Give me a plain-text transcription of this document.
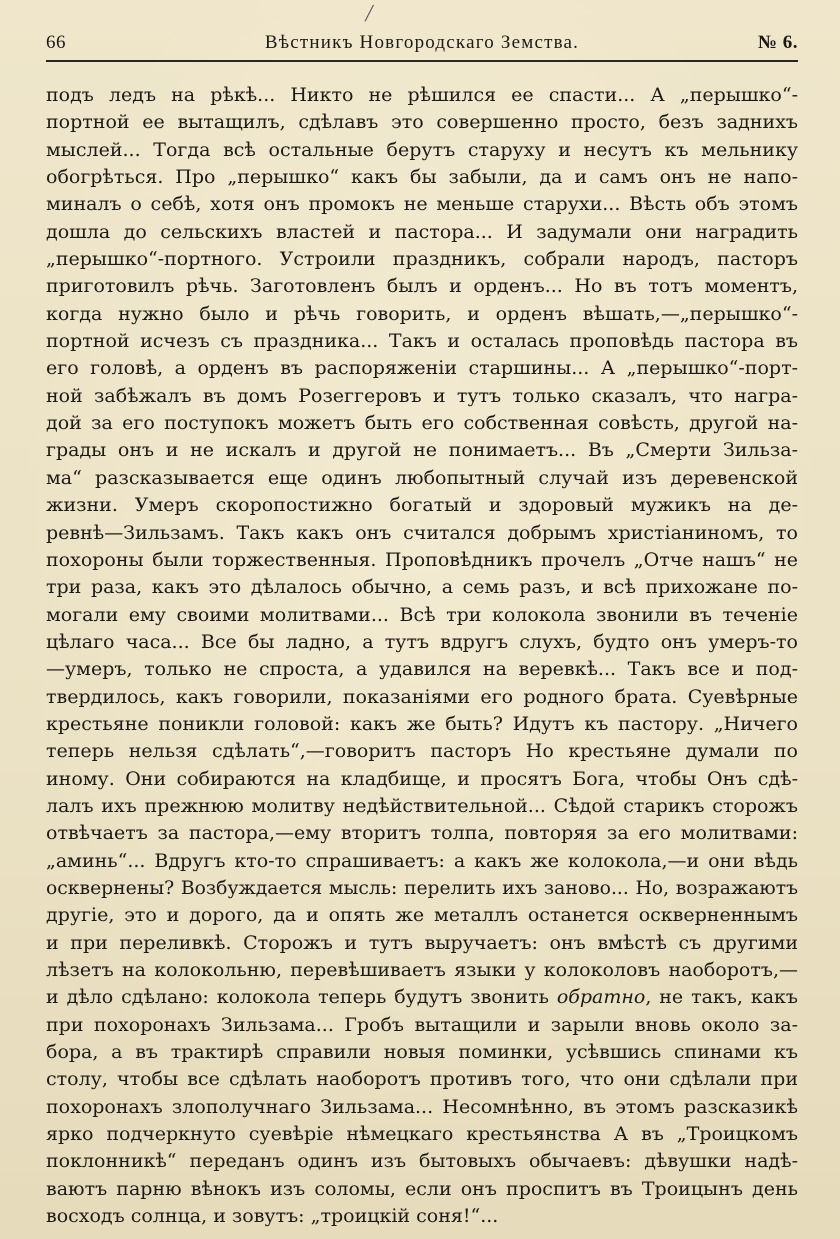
╱
66	Вѣстникъ Новгородскаго Земства.	№ 6.
подъ ледъ на рѣкѣ... Никто не рѣшился ее спасти... А „перышко“-
портной ее вытащилъ, сдѣлавъ это совершенно просто, безъ заднихъ
мыслей... Тогда всѣ остальные берутъ старуху и несутъ къ мельнику
обогрѣться. Про „перышко“ какъ бы забыли, да и самъ онъ не напо-
миналъ о себѣ, хотя онъ промокъ не меньше старухи... Вѣсть объ этомъ
дошла до сельскихъ властей и пастора... И задумали они наградить
„перышко“-портного. Устроили праздникъ, собрали народъ, пасторъ
приготовилъ рѣчь. Заготовленъ былъ и орденъ... Но въ тотъ моментъ,
когда нужно было и рѣчь говорить, и орденъ вѣшать,—„перышко“-
портной исчезъ съ праздника... Такъ и осталась проповѣдь пастора въ
его головѣ, а орденъ въ распоряженіи старшины... А „перышко“-порт-
ной забѣжалъ въ домъ Розеггеровъ и тутъ только сказалъ, что награ-
дой за его поступокъ можетъ быть его собственная совѣсть, другой на-
грады онъ и не искалъ и другой не понимаетъ... Въ „Смерти Зильза-
ма“ разсказывается еще одинъ любопытный случай изъ деревенской
жизни. Умеръ скоропостижно богатый и здоровый мужикъ на де-
ревнѣ—Зильзамъ. Такъ какъ онъ считался добрымъ христіаниномъ, то
похороны были торжественныя. Проповѣдникъ прочелъ „Отче нашъ“ не
три раза, какъ это дѣлалось обычно, а семь разъ, и всѣ прихожане по-
могали ему своими молитвами... Всѣ три колокола звонили въ теченіе
цѣлаго часа... Все бы ладно, а тутъ вдругъ слухъ, будто онъ умеръ-то
—умеръ, только не спроста, а удавился на веревкѣ... Такъ все и под-
твердилось, какъ говорили, показаніями его родного брата. Суевѣрные
крестьяне поникли головой: какъ же быть? Идутъ къ пастору. „Ничего
теперь нельзя сдѣлать“,—говоритъ пасторъ Но крестьяне думали по
иному. Они собираются на кладбище, и просятъ Бога, чтобы Онъ сдѣ-
лалъ ихъ прежнюю молитву недѣйствительной... Сѣдой старикъ сторожъ
отвѣчаетъ за пастора,—ему вторитъ толпа, повторяя за его молитвами:
„аминь“... Вдругъ кто-то спрашиваетъ: а какъ же колокола,—и они вѣдь
осквернены? Возбуждается мысль: перелить ихъ заново... Но, возражаютъ
другіе, это и дорого, да и опять же металлъ останется оскверненнымъ
и при переливкѣ. Сторожъ и тутъ выручаетъ: онъ вмѣстѣ съ другими
лѣзетъ на колокольню, перевѣшиваетъ языки у колоколовъ наоборотъ,—
и дѣло сдѣлано: колокола теперь будутъ звонить обратно, не такъ, какъ
при похоронахъ Зильзама... Гробъ вытащили и зарыли вновь около за-
бора, а въ трактирѣ справили новыя поминки, усѣвшись спинами къ
столу, чтобы все сдѣлать наоборотъ противъ того, что они сдѣлали при
похоронахъ злополучнаго Зильзама... Несомнѣнно, въ этомъ разсказикѣ
ярко подчеркнуто суевѣріе нѣмецкаго крестьянства А въ „Троицкомъ
поклонникѣ“ переданъ одинъ изъ бытовыхъ обычаевъ: дѣвушки надѣ-
ваютъ парню вѣнокъ изъ соломы, если онъ проспитъ въ Троицынъ день
восходъ солнца, и зовутъ: „троицкій соня!“...
